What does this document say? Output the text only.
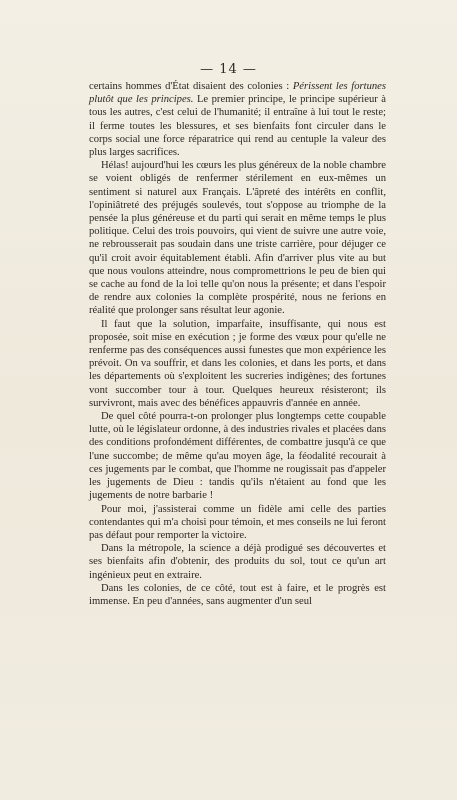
— 14 —

certains hommes d'État disaient des colonies : Périssent les fortunes plutôt que les principes. Le premier principe, le principe supérieur à tous les autres, c'est celui de l'humanité; il entraîne à lui tout le reste; il ferme toutes les blessures, et ses bienfaits font circuler dans le corps social une force réparatrice qui rend au centuple la valeur des plus larges sacrifices.

Hélas! aujourd'hui les cœurs les plus généreux de la noble chambre se voient obligés de renfermer stérilement en eux-mêmes un sentiment si naturel aux Français. L'âpreté des intérêts en conflit, l'opiniâtreté des préjugés soulevés, tout s'oppose au triomphe de la pensée la plus généreuse et du parti qui serait en même temps le plus politique. Celui des trois pouvoirs, qui vient de suivre une autre voie, ne rebrousserait pas soudain dans une triste carrière, pour déjuger ce qu'il croit avoir équitablement établi. Afin d'arriver plus vite au but que nous voulons atteindre, nous compromettrions le peu de bien qui se cache au fond de la loi telle qu'on nous la présente; et dans l'espoir de rendre aux colonies la complète prospérité, nous ne ferions en réalité que prolonger sans résultat leur agonie.

Il faut que la solution, imparfaite, insuffisante, qui nous est proposée, soit mise en exécution ; je forme des vœux pour qu'elle ne renferme pas des conséquences aussi funestes que mon expérience les prévoit. On va souffrir, et dans les colonies, et dans les ports, et dans les départements où s'exploitent les sucreries indigènes; des fortunes vont succomber tour à tour. Quelques heureux résisteront; ils survivront, mais avec des bénéfices appauvris d'année en année.

De quel côté pourra-t-on prolonger plus longtemps cette coupable lutte, où le législateur ordonne, à des industries rivales et placées dans des conditions profondément différentes, de combattre jusqu'à ce que l'une succombe; de même qu'au moyen âge, la féodalité recourait à ces jugements par le combat, que l'homme ne rougissait pas d'appeler les jugements de Dieu : tandis qu'ils n'étaient au fond que les jugements de notre barbarie !

Pour moi, j'assisterai comme un fidèle ami celle des parties contendantes qui m'a choisi pour témoin, et mes conseils ne lui feront pas défaut pour remporter la victoire.

Dans la métropole, la science a déjà prodigué ses découvertes et ses bienfaits afin d'obtenir, des produits du sol, tout ce qu'un art ingénieux peut en extraire.

Dans les colonies, de ce côté, tout est à faire, et le progrès est immense. En peu d'années, sans augmenter d'un seul
